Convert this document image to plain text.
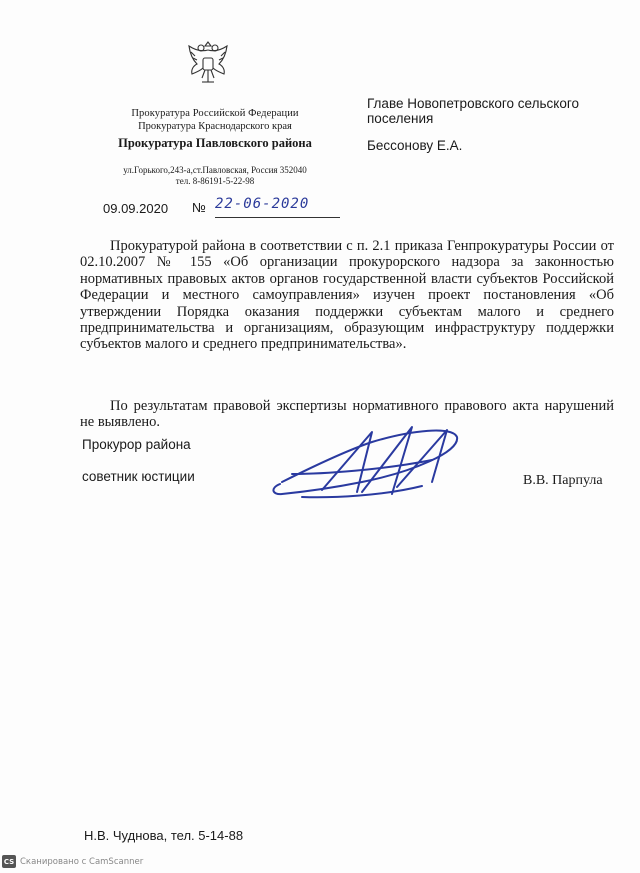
Прокуратура Российской Федерации
Прокуратура Краснодарского края
Прокуратура Павловского района
ул.Горького,243-а,ст.Павловская, Россия 352040
тел. 8-86191-5-22-98
Главе Новопетровского сельского поселения
Бессонову Е.А.
09.09.2020 № 22-06-2020
Прокуратурой района в соответствии с п. 2.1 приказа Генпрокуратуры России от 02.10.2007 № 155 «Об организации прокурорского надзора за законностью нормативных правовых актов органов государственной власти субъектов Российской Федерации и местного самоуправления» изучен проект постановления «Об утверждении Порядка оказания поддержки субъектам малого и среднего предпринимательства и организациям, образующим инфраструктуру поддержки субъектов малого и среднего предпринимательства».
По результатам правовой экспертизы нормативного правового акта нарушений не выявлено.
Прокурор района
советник юстиции	В.В. Парпула
Н.В. Чуднова, тел. 5-14-88
CS Сканировано с CamScanner
